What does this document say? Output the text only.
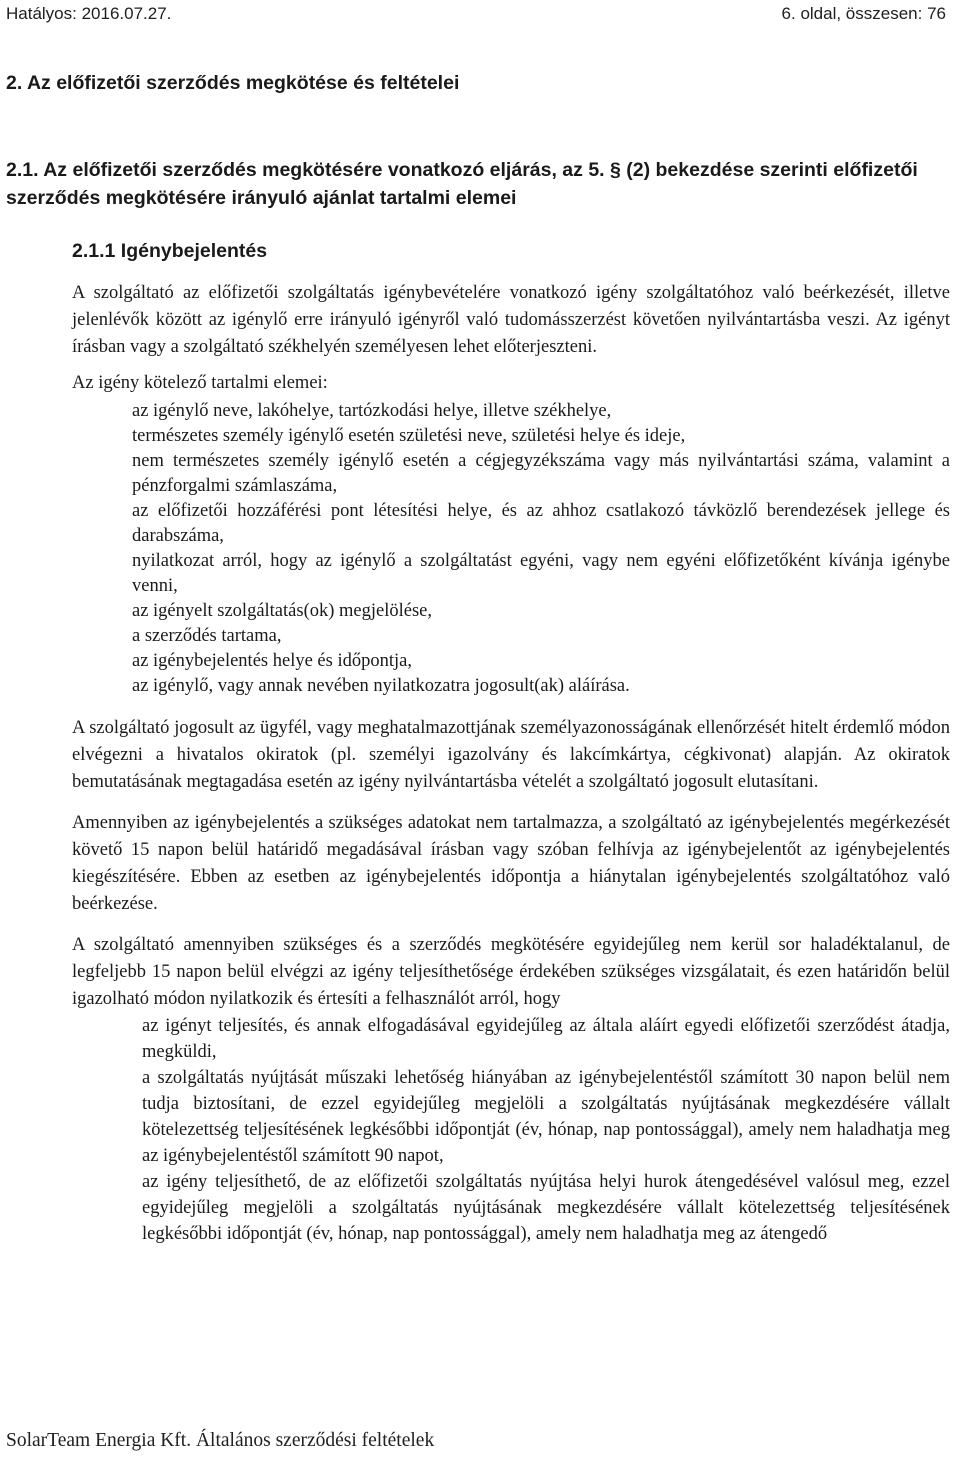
Hatályos: 2016.07.27.	6. oldal, összesen: 76
2. Az előfizetői szerződés megkötése és feltételei
2.1. Az előfizetői szerződés megkötésére vonatkozó eljárás, az 5. § (2) bekezdése szerinti előfizetői szerződés megkötésére irányuló ajánlat tartalmi elemei
2.1.1 Igénybejelentés

A szolgáltató az előfizetői szolgáltatás igénybevételére vonatkozó igény szolgáltatóhoz való beérkezését, illetve jelenlévők között az igénylő erre irányuló igényről való tudomásszerzést követően nyilvántartásba veszi. Az igényt írásban vagy a szolgáltató székhelyén személyesen lehet előterjeszteni.

Az igény kötelező tartalmi elemei:

az igénylő neve, lakóhelye, tartózkodási helye, illetve székhelye,
természetes személy igénylő esetén születési neve, születési helye és ideje,
nem természetes személy igénylő esetén a cégjegyzékszáma vagy más nyilvántartási száma, valamint a pénzforgalmi számlaszáma,
az előfizetői hozzáférési pont létesítési helye, és az ahhoz csatlakozó távközlő berendezések jellege és darabszáma,
nyilatkozat arról, hogy az igénylő a szolgáltatást egyéni, vagy nem egyéni előfizetőként kívánja igénybe venni,
az igényelt szolgáltatás(ok) megjelölése,
a szerződés tartama,
az igénybejelentés helye és időpontja,
az igénylő, vagy annak nevében nyilatkozatra jogosult(ak) aláírása.

A szolgáltató jogosult az ügyfél, vagy meghatalmazottjának személyazonosságának ellenőrzését hitelt érdemlő módon elvégezni a hivatalos okiratok (pl. személyi igazolvány és lakcímkártya, cégkivonat) alapján. Az okiratok bemutatásának megtagadása esetén az igény nyilvántartásba vételét a szolgáltató jogosult elutasítani.

Amennyiben az igénybejelentés a szükséges adatokat nem tartalmazza, a szolgáltató az igénybejelentés megérkezését követő 15 napon belül határidő megadásával írásban vagy szóban felhívja az igénybejelentőt az igénybejelentés kiegészítésére. Ebben az esetben az igénybejelentés időpontja a hiánytalan igénybejelentés szolgáltatóhoz való beérkezése.

A szolgáltató amennyiben szükséges és a szerződés megkötésére egyidejűleg nem kerül sor haladéktalanul, de legfeljebb 15 napon belül elvégzi az igény teljesíthetősége érdekében szükséges vizsgálatait, és ezen határidőn belül igazolható módon nyilatkozik és értesíti a felhasználót arról, hogy

az igényt teljesítés, és annak elfogadásával egyidejűleg az általa aláírt egyedi előfizetői szerződést átadja, megküldi,
a szolgáltatás nyújtását műszaki lehetőség hiányában az igénybejelentéstől számított 30 napon belül nem tudja biztosítani, de ezzel egyidejűleg megjelöli a szolgáltatás nyújtásának megkezdésére vállalt kötelezettség teljesítésének legkésőbbi időpontját (év, hónap, nap pontossággal), amely nem haladhatja meg az igénybejelentéstől számított 90 napot,
az igény teljesíthető, de az előfizetői szolgáltatás nyújtása helyi hurok átengedésével valósul meg, ezzel egyidejűleg megjelöli a szolgáltatás nyújtásának megkezdésére vállalt kötelezettség teljesítésének legkésőbbi időpontját (év, hónap, nap pontossággal), amely nem haladhatja meg az átengedő
SolarTeam Energia Kft. Általános szerződési feltételek
